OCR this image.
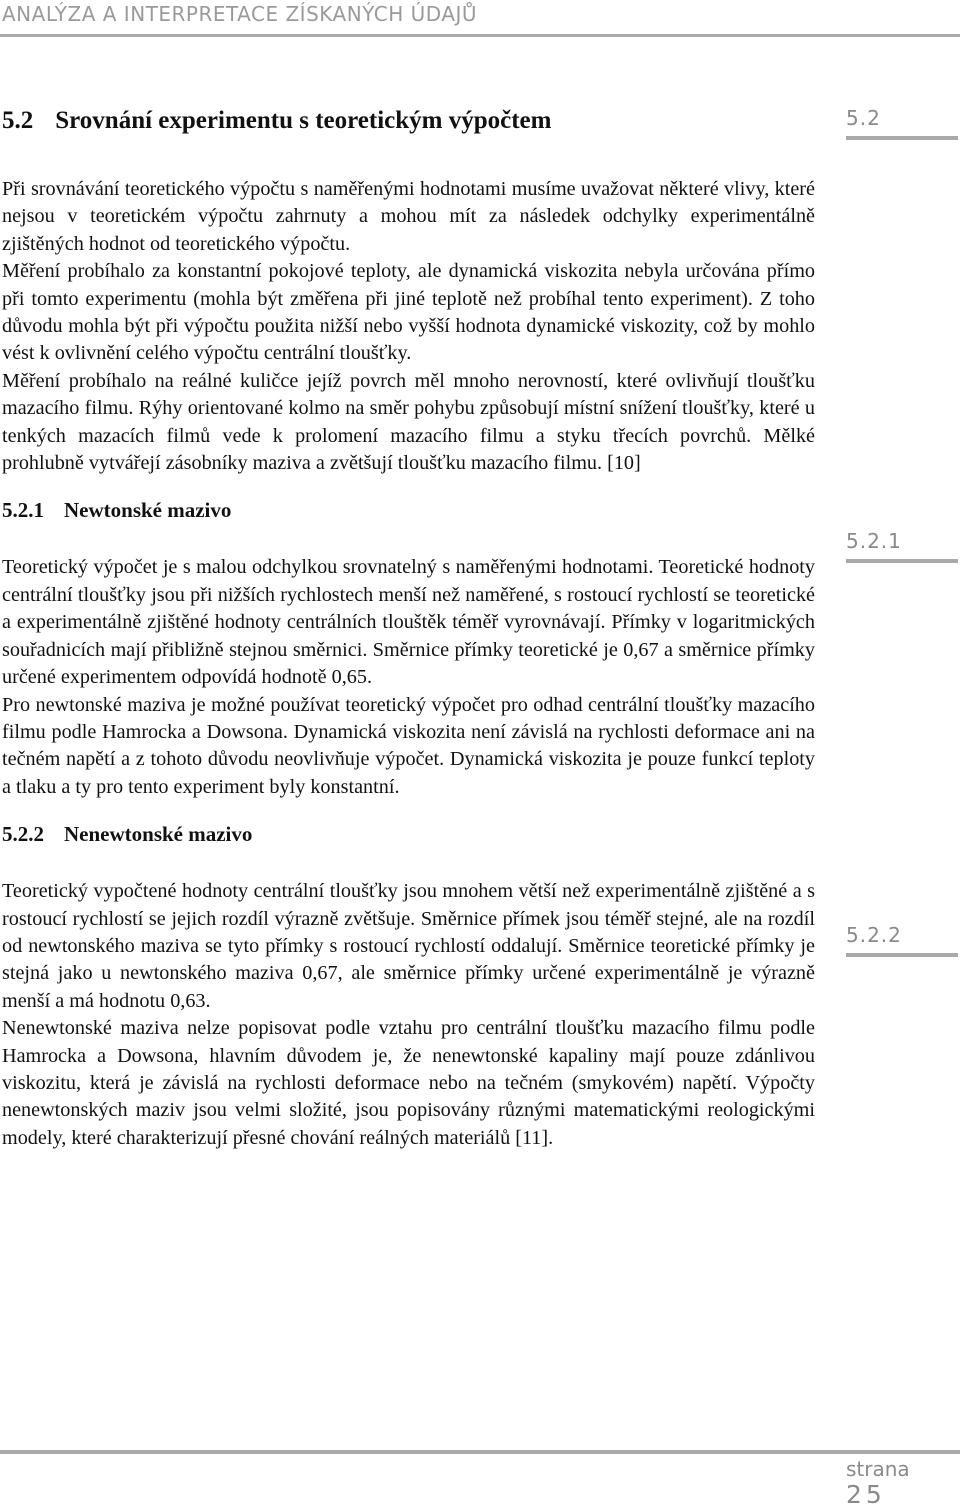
ANALÝZA A INTERPRETACE ZÍSKANÝCH ÚDAJŮ
5.2
5.2.1
5.2.2
5.2 Srovnání experimentu s teoretickým výpočtem

Při srovnávání teoretického výpočtu s naměřenými hodnotami musíme uvažovat některé vlivy, které nejsou v teoretickém výpočtu zahrnuty a mohou mít za následek odchylky experimentálně zjištěných hodnot od teoretického výpočtu.

Měření probíhalo za konstantní pokojové teploty, ale dynamická viskozita nebyla určována přímo při tomto experimentu (mohla být změřena při jiné teplotě než probíhal tento experiment). Z toho důvodu mohla být při výpočtu použita nižší nebo vyšší hodnota dynamické viskozity, což by mohlo vést k ovlivnění celého výpočtu centrální tloušťky.

Měření probíhalo na reálné kuličce jejíž povrch měl mnoho nerovností, které ovlivňují tloušťku mazacího filmu. Rýhy orientované kolmo na směr pohybu způsobují místní snížení tloušťky, které u tenkých mazacích filmů vede k prolomení mazacího filmu a styku třecích povrchů. Mělké prohlubně vytvářejí zásobníky maziva a zvětšují tloušťku mazacího filmu. [10]

5.2.1 Newtonské mazivo

Teoretický výpočet je s malou odchylkou srovnatelný s naměřenými hodnotami. Teoretické hodnoty centrální tloušťky jsou při nižších rychlostech menší než naměřené, s rostoucí rychlostí se teoretické a experimentálně zjištěné hodnoty centrálních tlouštěk téměř vyrovnávají. Přímky v logaritmických souřadnicích mají přibližně stejnou směrnici. Směrnice přímky teoretické je 0,67 a směrnice přímky určené experimentem odpovídá hodnotě 0,65.

Pro newtonské maziva je možné používat teoretický výpočet pro odhad centrální tloušťky mazacího filmu podle Hamrocka a Dowsona. Dynamická viskozita není závislá na rychlosti deformace ani na tečném napětí a z tohoto důvodu neovlivňuje výpočet. Dynamická viskozita je pouze funkcí teploty a tlaku a ty pro tento experiment byly konstantní.

5.2.2 Nenewtonské mazivo

Teoretický vypočtené hodnoty centrální tloušťky jsou mnohem větší než experimentálně zjištěné a s rostoucí rychlostí se jejich rozdíl výrazně zvětšuje. Směrnice přímek jsou téměř stejné, ale na rozdíl od newtonského maziva se tyto přímky s rostoucí rychlostí oddalují. Směrnice teoretické přímky je stejná jako u newtonského maziva 0,67, ale směrnice přímky určené experimentálně je výrazně menší a má hodnotu 0,63.

Nenewtonské maziva nelze popisovat podle vztahu pro centrální tloušťku mazacího filmu podle Hamrocka a Dowsona, hlavním důvodem je, že nenewtonské kapaliny mají pouze zdánlivou viskozitu, která je závislá na rychlosti deformace nebo na tečném (smykovém) napětí. Výpočty nenewtonských maziv jsou velmi složité, jsou popisovány různými matematickými reologickými modely, které charakterizují přesné chování reálných materiálů [11].

strana
25
